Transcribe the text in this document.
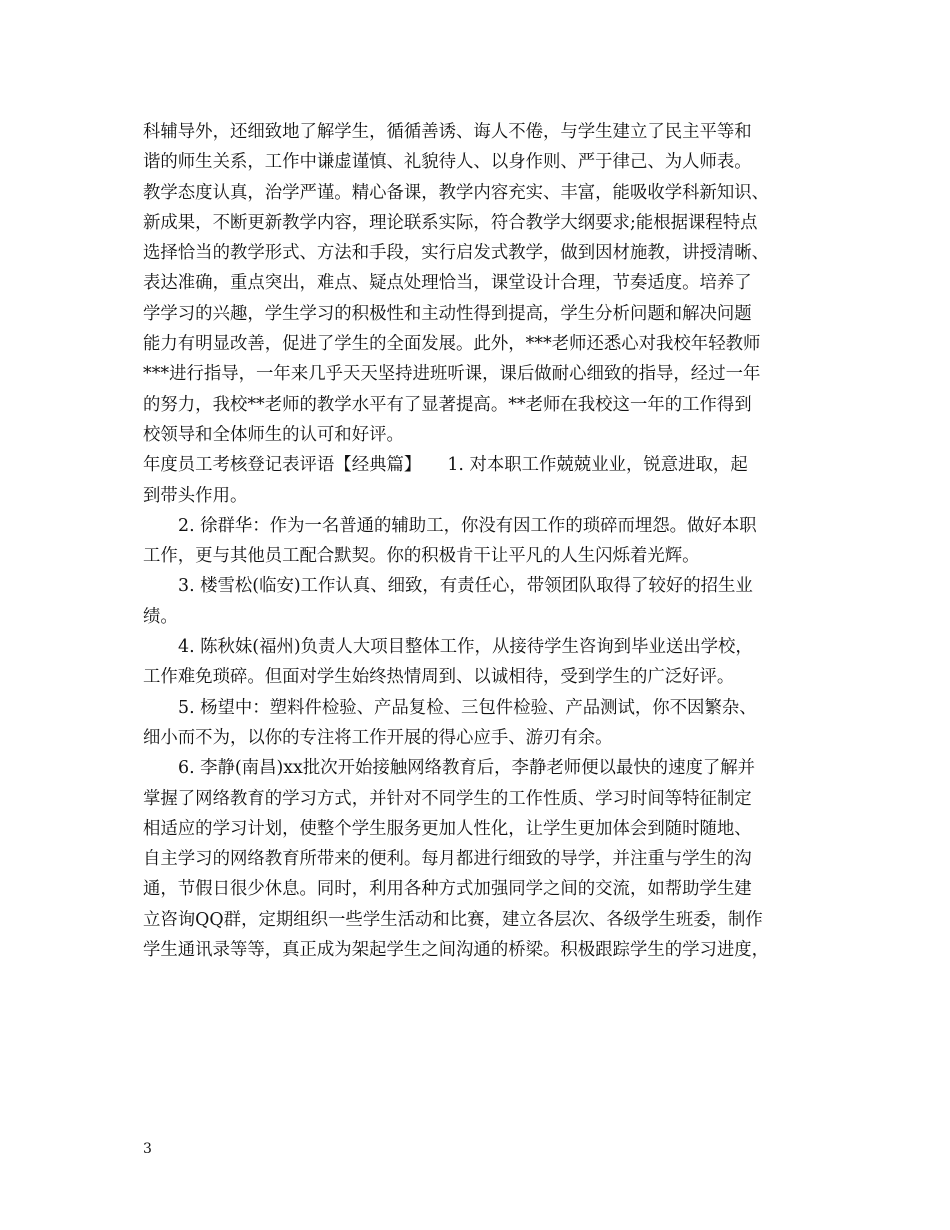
科辅导外，还细致地了解学生，循循善诱、诲人不倦，与学生建立了民主平等和
谐的师生关系，工作中谦虚谨慎、礼貌待人、以身作则、严于律己、为人师表。
教学态度认真，治学严谨。精心备课，教学内容充实、丰富，能吸收学科新知识、
新成果，不断更新教学内容，理论联系实际，符合教学大纲要求;能根据课程特点
选择恰当的教学形式、方法和手段，实行启发式教学，做到因材施教，讲授清晰、
表达准确，重点突出，难点、疑点处理恰当，课堂设计合理，节奏适度。培养了
学学习的兴趣，学生学习的积极性和主动性得到提高，学生分析问题和解决问题
能力有明显改善，促进了学生的全面发展。此外，***老师还悉心对我校年轻教师
***进行指导，一年来几乎天天坚持进班听课，课后做耐心细致的指导，经过一年
的努力，我校**老师的教学水平有了显著提高。**老师在我校这一年的工作得到
校领导和全体师生的认可和好评。
年度员工考核登记表评语【经典篇】　　1. 对本职工作兢兢业业，锐意进取，起
到带头作用。
2. 徐群华：作为一名普通的辅助工，你没有因工作的琐碎而埋怨。做好本职
工作，更与其他员工配合默契。你的积极肯干让平凡的人生闪烁着光辉。
3. 楼雪松(临安)工作认真、细致，有责任心，带领团队取得了较好的招生业
绩。
4. 陈秋妹(福州)负责人大项目整体工作，从接待学生咨询到毕业送出学校，
工作难免琐碎。但面对学生始终热情周到、以诚相待，受到学生的广泛好评。
5. 杨望中：塑料件检验、产品复检、三包件检验、产品测试，你不因繁杂、
细小而不为，以你的专注将工作开展的得心应手、游刃有余。
6. 李静(南昌)xx批次开始接触网络教育后，李静老师便以最快的速度了解并
掌握了网络教育的学习方式，并针对不同学生的工作性质、学习时间等特征制定
相适应的学习计划，使整个学生服务更加人性化，让学生更加体会到随时随地、
自主学习的网络教育所带来的便利。每月都进行细致的导学，并注重与学生的沟
通，节假日很少休息。同时，利用各种方式加强同学之间的交流，如帮助学生建
立咨询QQ群，定期组织一些学生活动和比赛，建立各层次、各级学生班委，制作
学生通讯录等等，真正成为架起学生之间沟通的桥梁。积极跟踪学生的学习进度，
3
